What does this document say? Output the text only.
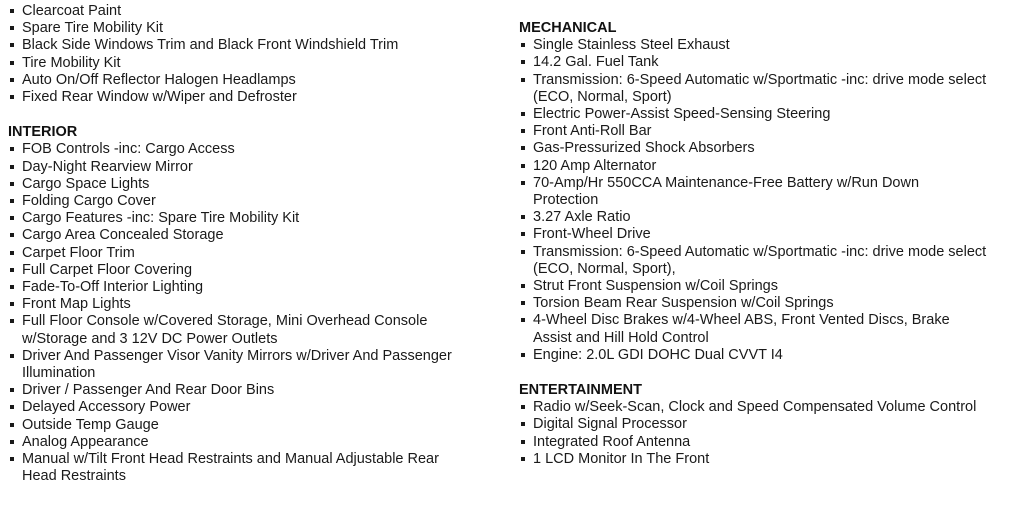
Clearcoat Paint
Spare Tire Mobility Kit
Black Side Windows Trim and Black Front Windshield Trim
Tire Mobility Kit
Auto On/Off Reflector Halogen Headlamps
Fixed Rear Window w/Wiper and Defroster
INTERIOR
FOB Controls -inc: Cargo Access
Day-Night Rearview Mirror
Cargo Space Lights
Folding Cargo Cover
Cargo Features -inc: Spare Tire Mobility Kit
Cargo Area Concealed Storage
Carpet Floor Trim
Full Carpet Floor Covering
Fade-To-Off Interior Lighting
Front Map Lights
Full Floor Console w/Covered Storage, Mini Overhead Console
w/Storage and 3 12V DC Power Outlets
Driver And Passenger Visor Vanity Mirrors w/Driver And Passenger
Illumination
Driver / Passenger And Rear Door Bins
Delayed Accessory Power
Outside Temp Gauge
Analog Appearance
Manual w/Tilt Front Head Restraints and Manual Adjustable Rear
Head Restraints
MECHANICAL
Single Stainless Steel Exhaust
14.2 Gal. Fuel Tank
Transmission: 6-Speed Automatic w/Sportmatic -inc: drive mode select
(ECO, Normal, Sport)
Electric Power-Assist Speed-Sensing Steering
Front Anti-Roll Bar
Gas-Pressurized Shock Absorbers
120 Amp Alternator
70-Amp/Hr 550CCA Maintenance-Free Battery w/Run Down
Protection
3.27 Axle Ratio
Front-Wheel Drive
Transmission: 6-Speed Automatic w/Sportmatic -inc: drive mode select
(ECO, Normal, Sport),
Strut Front Suspension w/Coil Springs
Torsion Beam Rear Suspension w/Coil Springs
4-Wheel Disc Brakes w/4-Wheel ABS, Front Vented Discs, Brake
Assist and Hill Hold Control
Engine: 2.0L GDI DOHC Dual CVVT I4
ENTERTAINMENT
Radio w/Seek-Scan, Clock and Speed Compensated Volume Control
Digital Signal Processor
Integrated Roof Antenna
1 LCD Monitor In The Front
